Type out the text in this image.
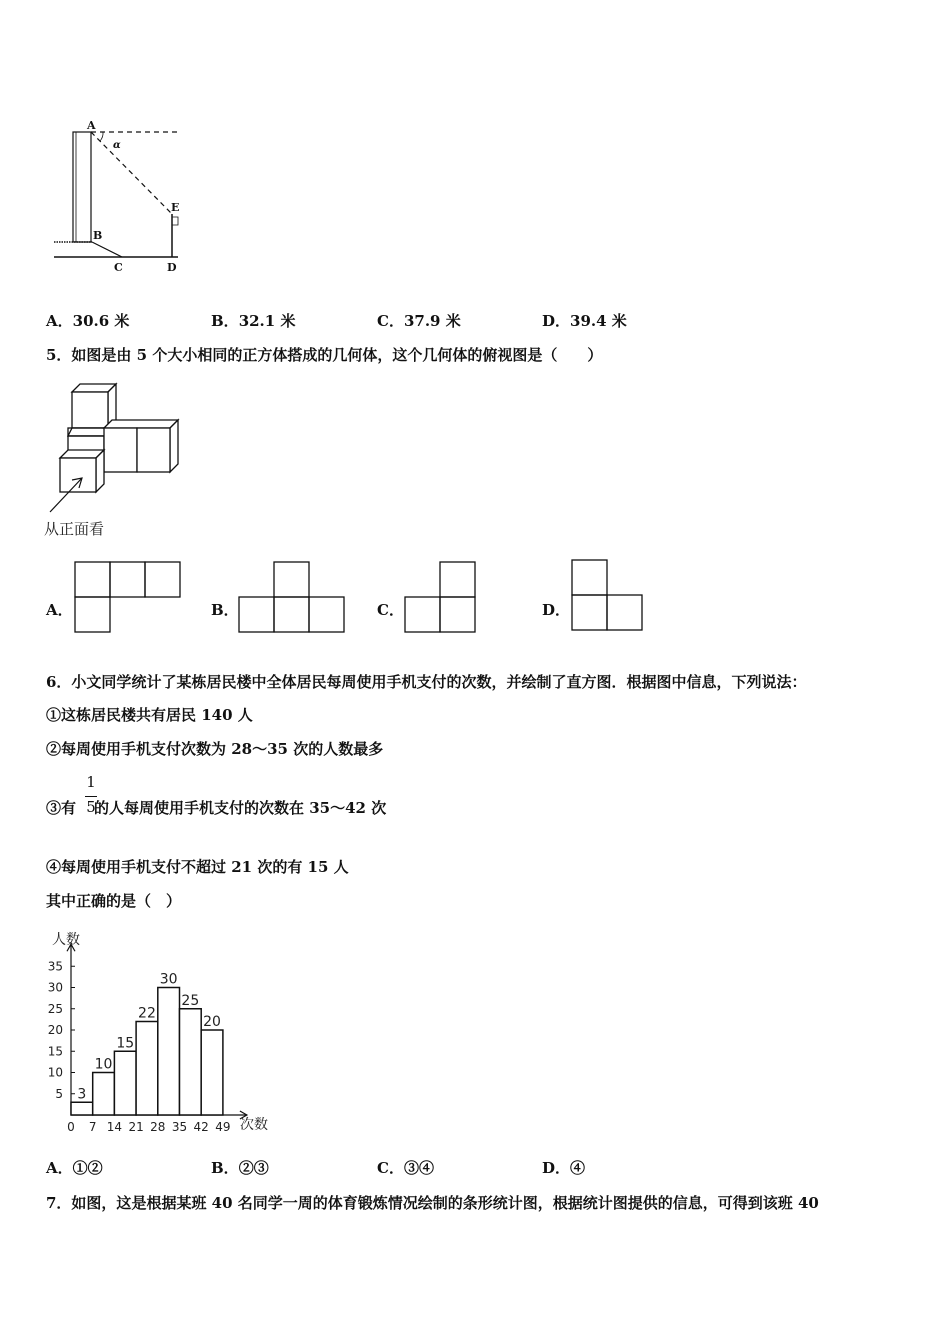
A
α
B
E
C	D
A．30.6 米	B．32.1 米	C．37.9 米	D．39.4 米
5．如图是由 5 个大小相同的正方体搭成的几何体，这个几何体的俯视图是（　　）
从正面看
A．	B．	C．	D．
6．小文同学统计了某栋居民楼中全体居民每周使用手机支付的次数，并绘制了直方图．根据图中信息，下列说法：
①这栋居民楼共有居民 140 人
②每周使用手机支付次数为 28～35 次的人数最多
③有 的人每周使用手机支付的次数在 35～42 次
1
5
④每周使用手机支付不超过 21 次的有 15 人
其中正确的是（　）
3
10
15
22
30
25
20
5
10
15
20
25
30
35
0 7 14 21 28 35 42 49
人数
次数
A．①②	B．②③	C．③④	D．④
7．如图，这是根据某班 40 名同学一周的体育锻炼情况绘制的条形统计图，根据统计图提供的信息，可得到该班 40
